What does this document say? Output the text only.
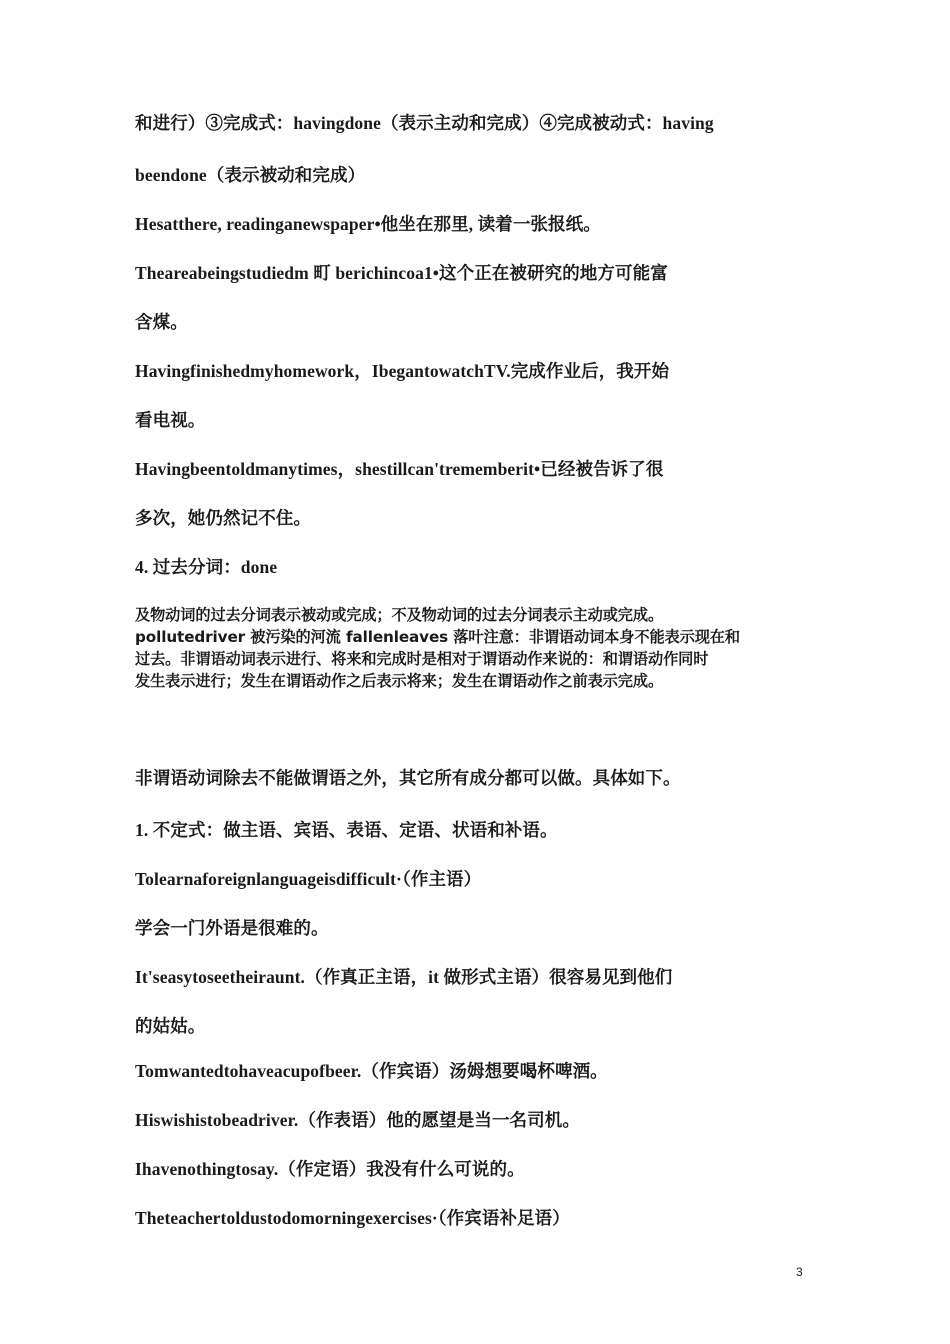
和进行）③完成式：havingdone（表示主动和完成）④完成被动式：having
beendone（表示被动和完成）
Hesatthere, readinganewspaper•他坐在那里, 读着一张报纸。
Theareabeingstudiedm 町 berichincoa1•这个正在被研究的地方可能富
含煤。
Havingfinishedmyhomework，IbegantowatchTV.完成作业后，我开始
看电视。
Havingbeentoldmanytimes，shestillcan'trememberit•已经被告诉了很
多次，她仍然记不住。
4. 过去分词：done
及物动词的过去分词表示被动或完成；不及物动词的过去分词表示主动或完成。
pollutedriver 被污染的河流 fallenleaves 落叶注意：非谓语动词本身不能表示现在和
过去。非谓语动词表示进行、将来和完成时是相对于谓语动作来说的：和谓语动作同时
发生表示进行；发生在谓语动作之后表示将来；发生在谓语动作之前表示完成。
非谓语动词除去不能做谓语之外，其它所有成分都可以做。具体如下。
1. 不定式：做主语、宾语、表语、定语、状语和补语。
Tolearnaforeignlanguageisdifficult·（作主语）
学会一门外语是很难的。
It'seasytoseetheiraunt.（作真正主语，it 做形式主语）很容易见到他们
的姑姑。
Tomwantedtohaveacupofbeer.（作宾语）汤姆想要喝杯啤酒。
Hiswishistobeadriver.（作表语）他的愿望是当一名司机。
Ihavenothingtosay.（作定语）我没有什么可说的。
Theteachertoldustodomorningexercises·（作宾语补足语）
3
